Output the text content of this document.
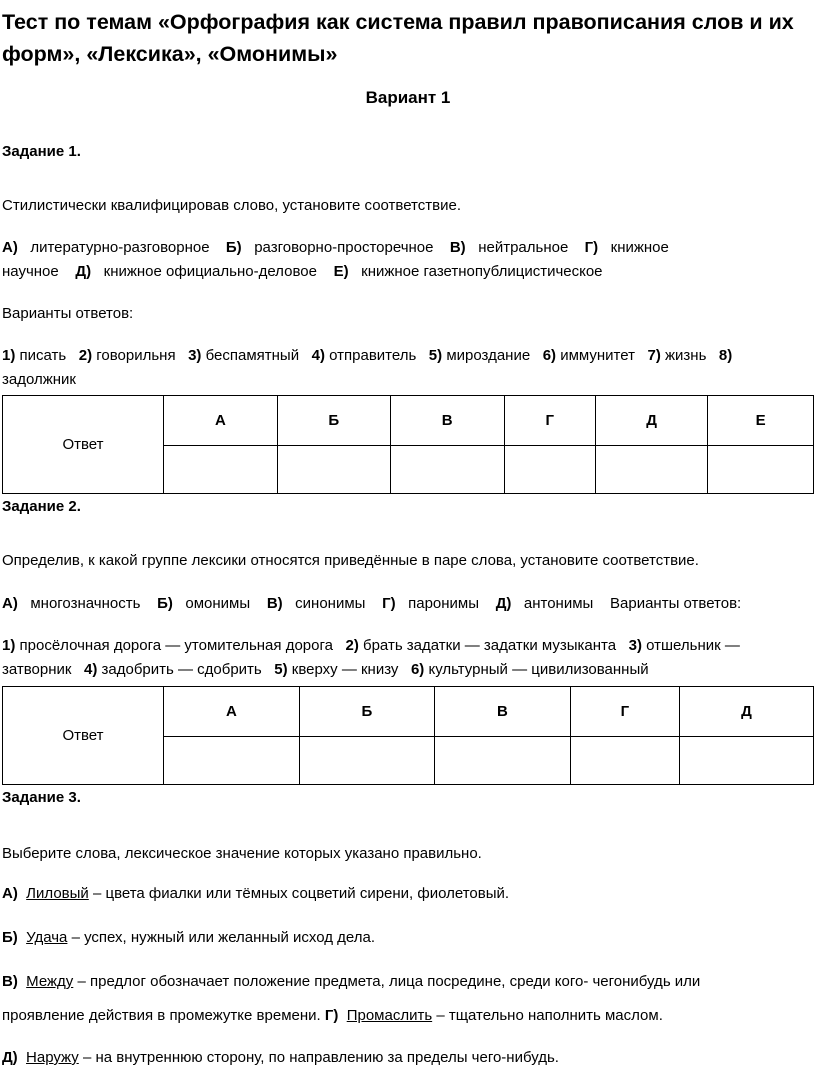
Тест по темам «Орфография как система правил правописания слов и их форм», «Лексика», «Омонимы»
Вариант 1
Задание 1.
Стилистически квалифицировав слово, установите соответствие.
А) литературно-разговорное Б) разговорно-просторечное В) нейтральное Г)   книжное
научное    Д) книжное официально-деловое Е) книжное газетнопублицистическое
Варианты ответов:
1) писать 2) говорильня 3) беспамятный 4) отправитель 5) мироздание 6) иммунитет 7) жизнь 8)
задолжник
Ответ	А	Б	В	Г	Д	Е

Задание 2.
Определив, к какой группе лексики относятся приведённые в паре слова, установите соответствие.
А) многозначность Б) омонимы В) синонимы Г) паронимы Д) антонимы Варианты ответов:
1) просёлочная дорога — утомительная дорога 2) брать задатки — задатки музыканта 3) отшельник —
затворник   4) задобрить — сдобрить 5) кверху — книзу 6) культурный — цивилизованный
Ответ	А	Б	В	Г	Д

Задание 3.
Выберите слова, лексическое значение которых указано правильно.
А) Лиловый – цвета фиалки или тёмных соцветий сирени, фиолетовый.
Б) Удача – успех, нужный или желанный исход дела.
В) Между – предлог обозначает положение предмета, лица посредине, среди кого- чегонибудь или
проявление действия в промежутке времени. Г) Промаслить – тщательно наполнить маслом.
Д) Наружу – на внутреннюю сторону, по направлению за пределы чего-нибудь.
